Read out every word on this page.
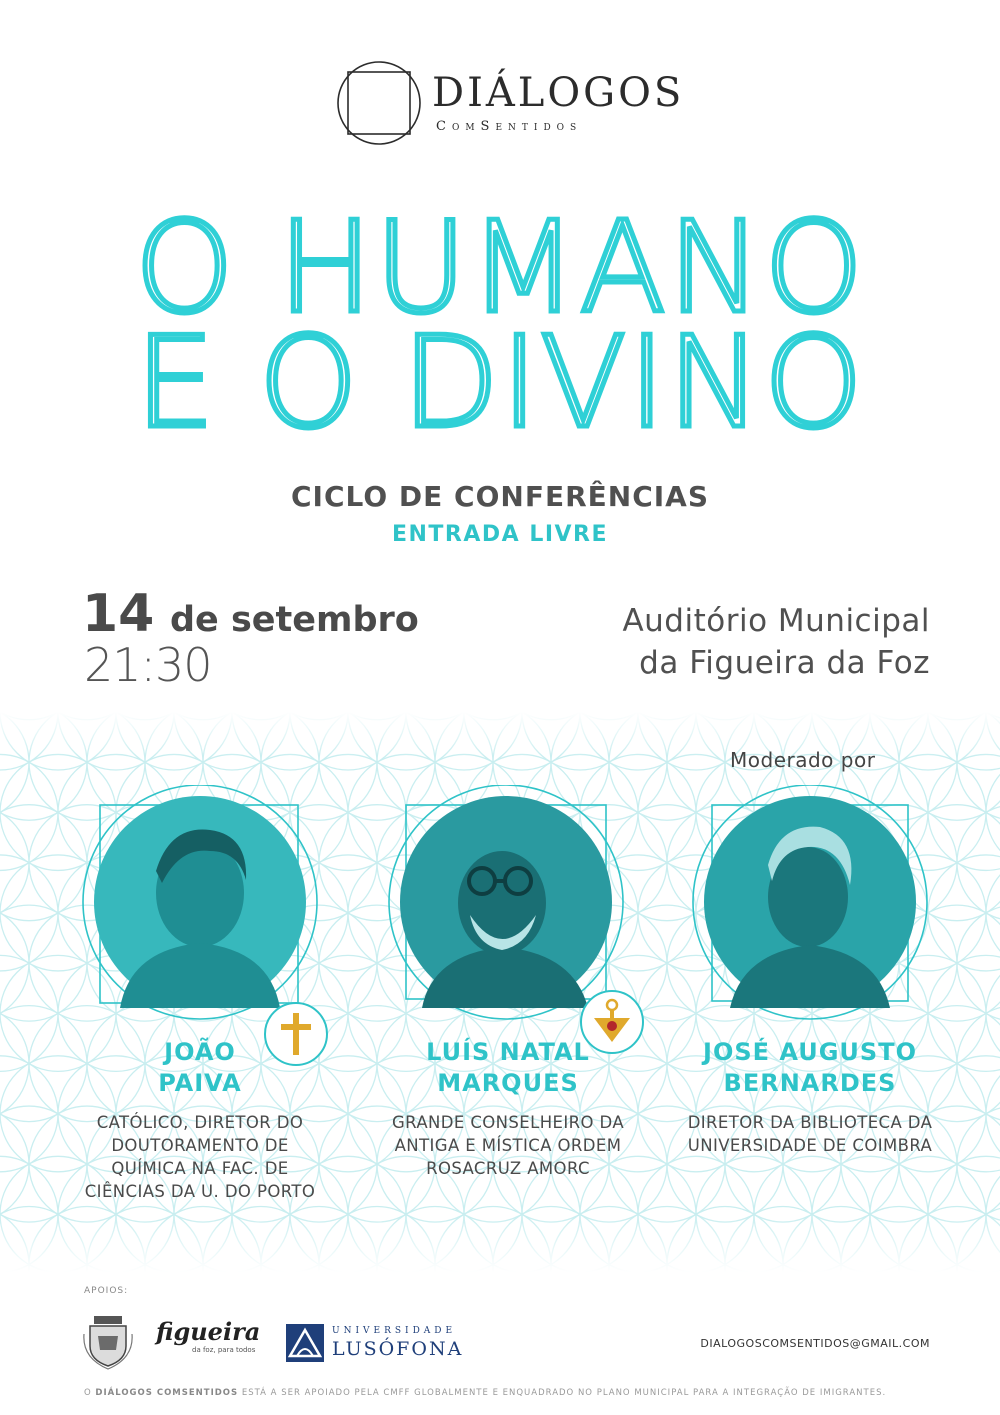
DIÁLOGOS
ComSentidos
O HUMANO
E O DIVINO
CICLO DE CONFERÊNCIAS
ENTRADA LIVRE
14 de setembro
21:30
Auditório Municipal
da Figueira da Foz
Moderado por
JOÃO
PAIVA
CATÓLICO, DIRETOR DO
DOUTORAMENTO DE
QUÍMICA NA FAC. DE
CIÊNCIAS DA U. DO PORTO
LUÍS NATAL
MARQUES
GRANDE CONSELHEIRO DA
ANTIGA E MÍSTICA ORDEM
ROSACRUZ AMORC
JOSÉ AUGUSTO
BERNARDES
DIRETOR DA BIBLIOTECA DA
UNIVERSIDADE DE COIMBRA
APOIOS:
figueira
da foz, para todos
UNIVERSIDADE
LUSÓFONA	DIALOGOSCOMSENTIDOS@GMAIL.COM
O DIÁLOGOS COMSENTIDOS ESTÁ A SER APOIADO PELA CMFF GLOBALMENTE E ENQUADRADO NO PLANO MUNICIPAL PARA A INTEGRAÇÃO DE IMIGRANTES.
